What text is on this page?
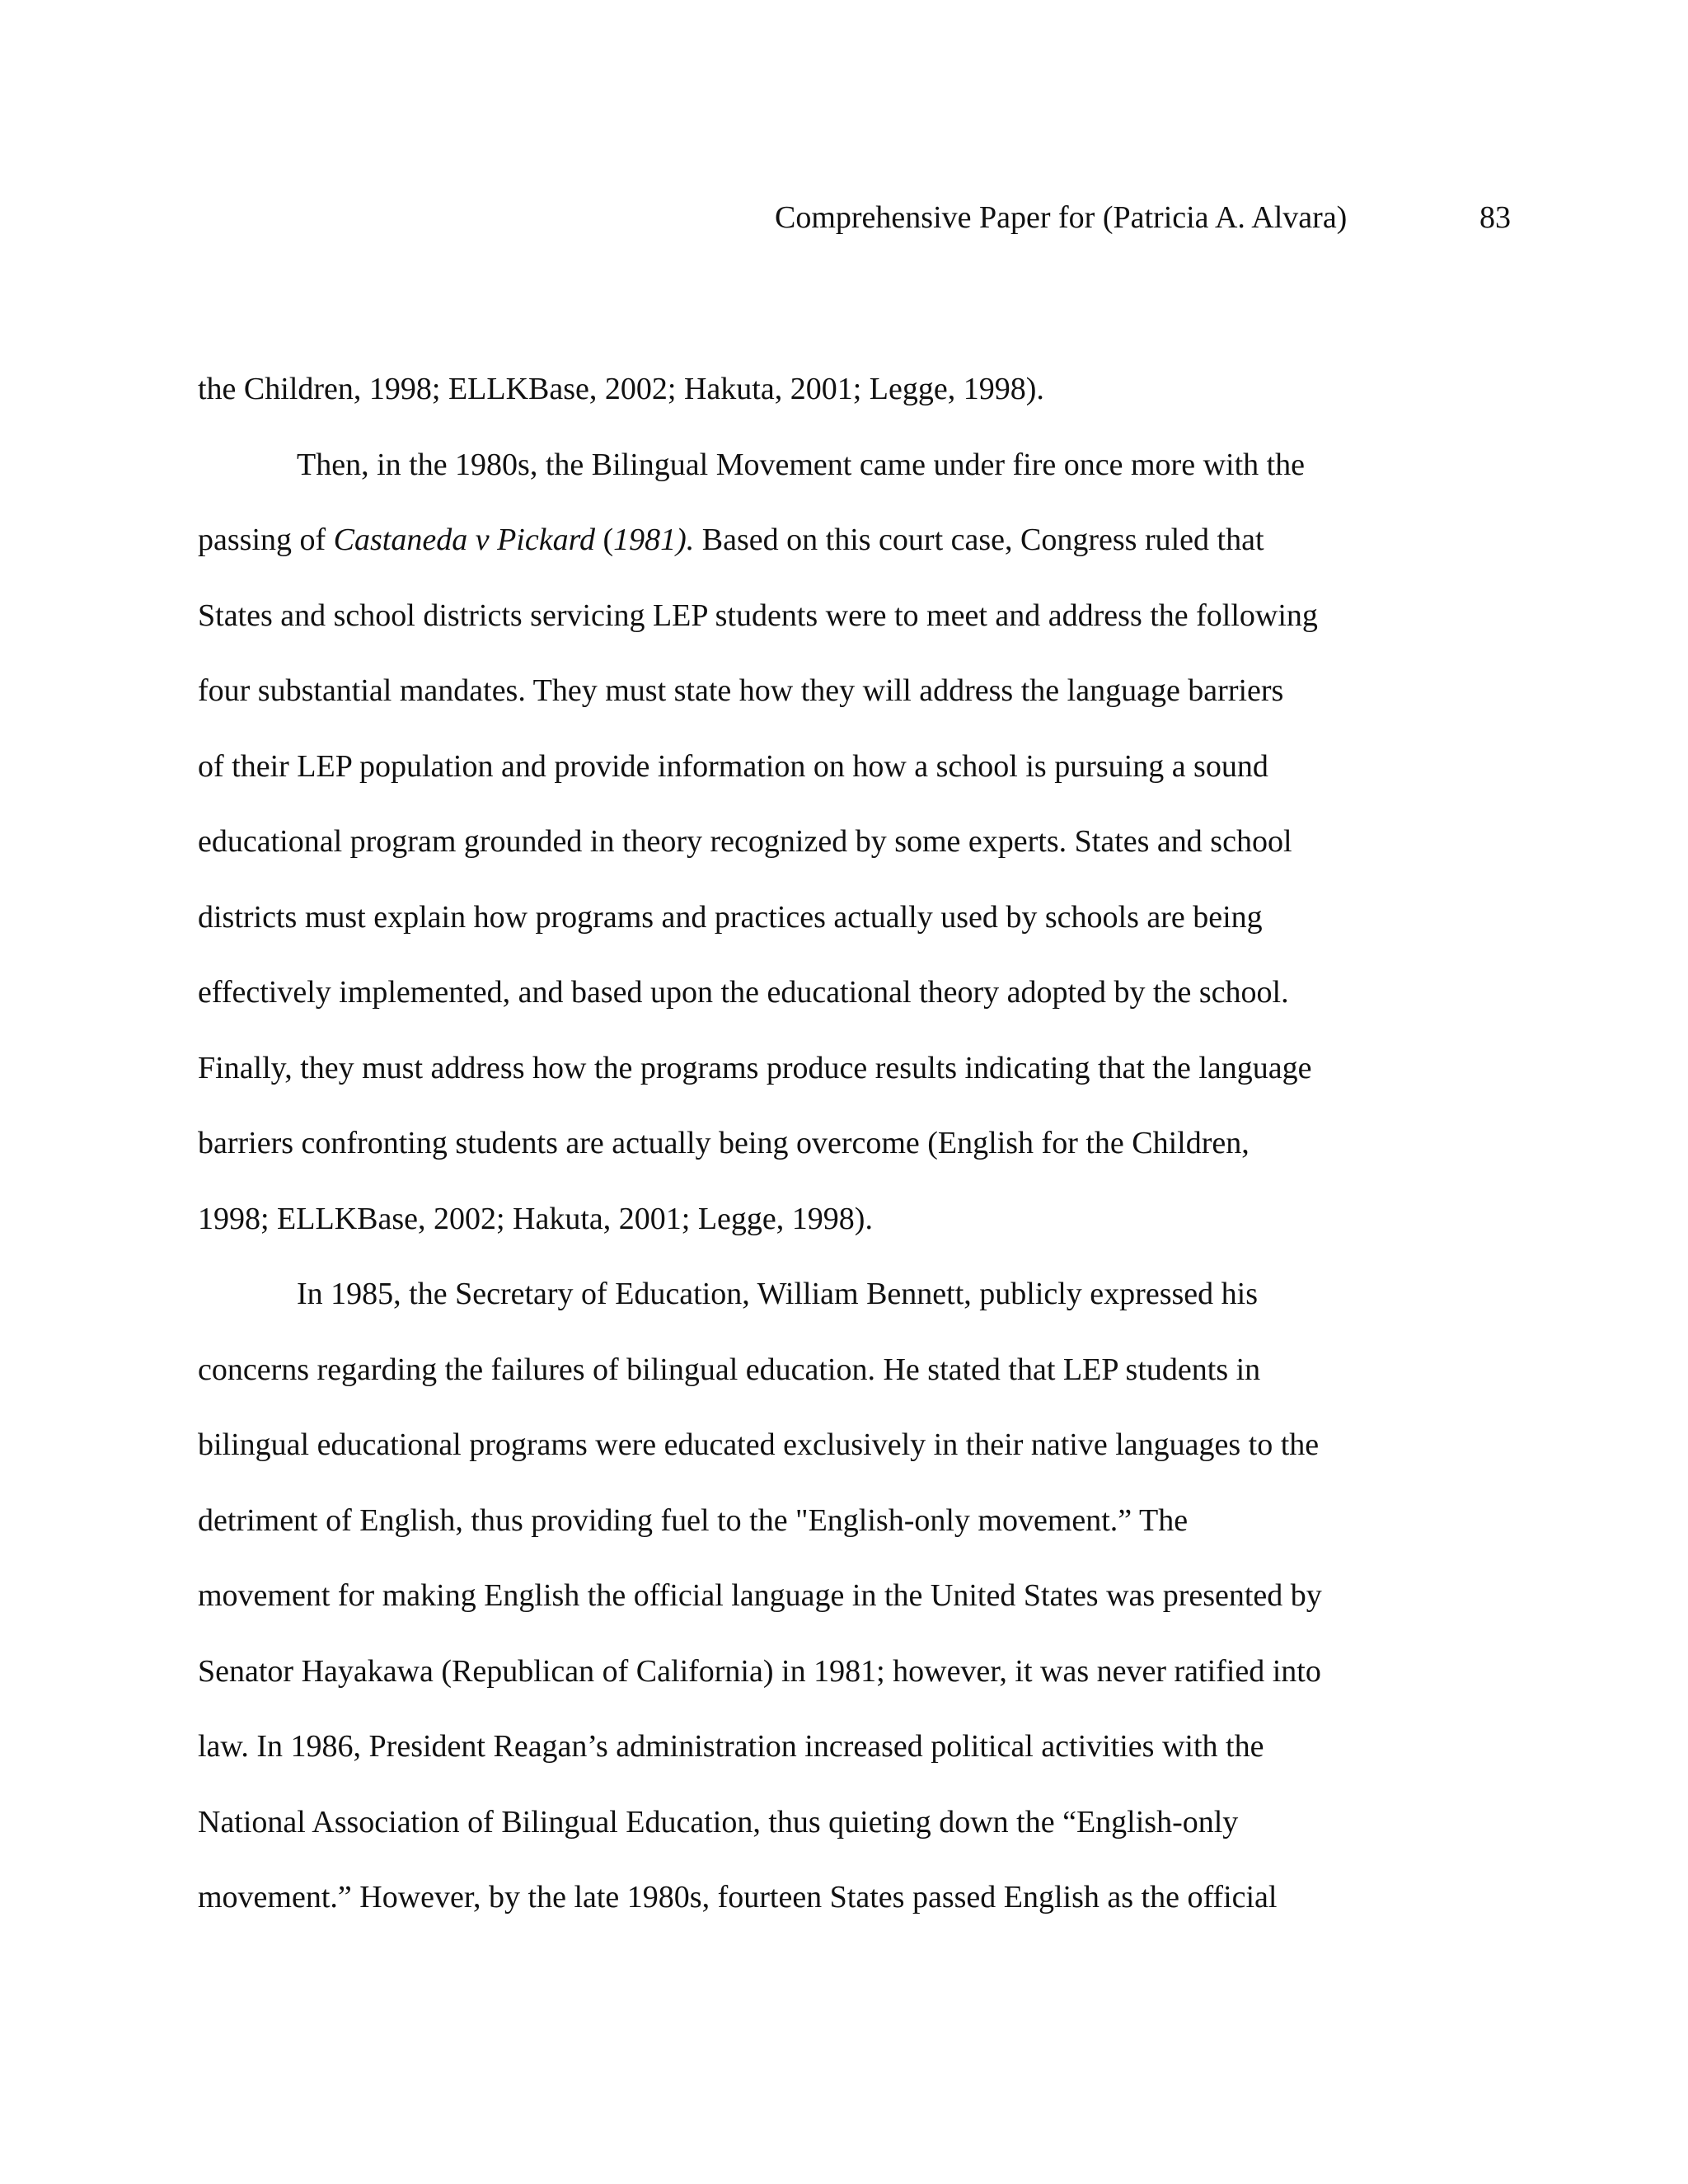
Comprehensive Paper for (Patricia A. Alvara)	83
the Children, 1998; ELLKBase, 2002; Hakuta, 2001; Legge, 1998).
Then, in the 1980s, the Bilingual Movement came under fire once more with the
passing of Castaneda v Pickard (1981). Based on this court case, Congress ruled that
States and school districts servicing LEP students were to meet and address the following
four substantial mandates. They must state how they will address the language barriers
of their LEP population and provide information on how a school is pursuing a sound
educational program grounded in theory recognized by some experts. States and school
districts must explain how programs and practices actually used by schools are being
effectively implemented, and based upon the educational theory adopted by the school.
Finally, they must address how the programs produce results indicating that the language
barriers confronting students are actually being overcome (English for the Children,
1998; ELLKBase, 2002; Hakuta, 2001; Legge, 1998).
In 1985, the Secretary of Education, William Bennett, publicly expressed his
concerns regarding the failures of bilingual education. He stated that LEP students in
bilingual educational programs were educated exclusively in their native languages to the
detriment of English, thus providing fuel to the "English-only movement.” The
movement for making English the official language in the United States was presented by
Senator Hayakawa (Republican of California) in 1981; however, it was never ratified into
law. In 1986, President Reagan’s administration increased political activities with the
National Association of Bilingual Education, thus quieting down the “English-only
movement.” However, by the late 1980s, fourteen States passed English as the official
